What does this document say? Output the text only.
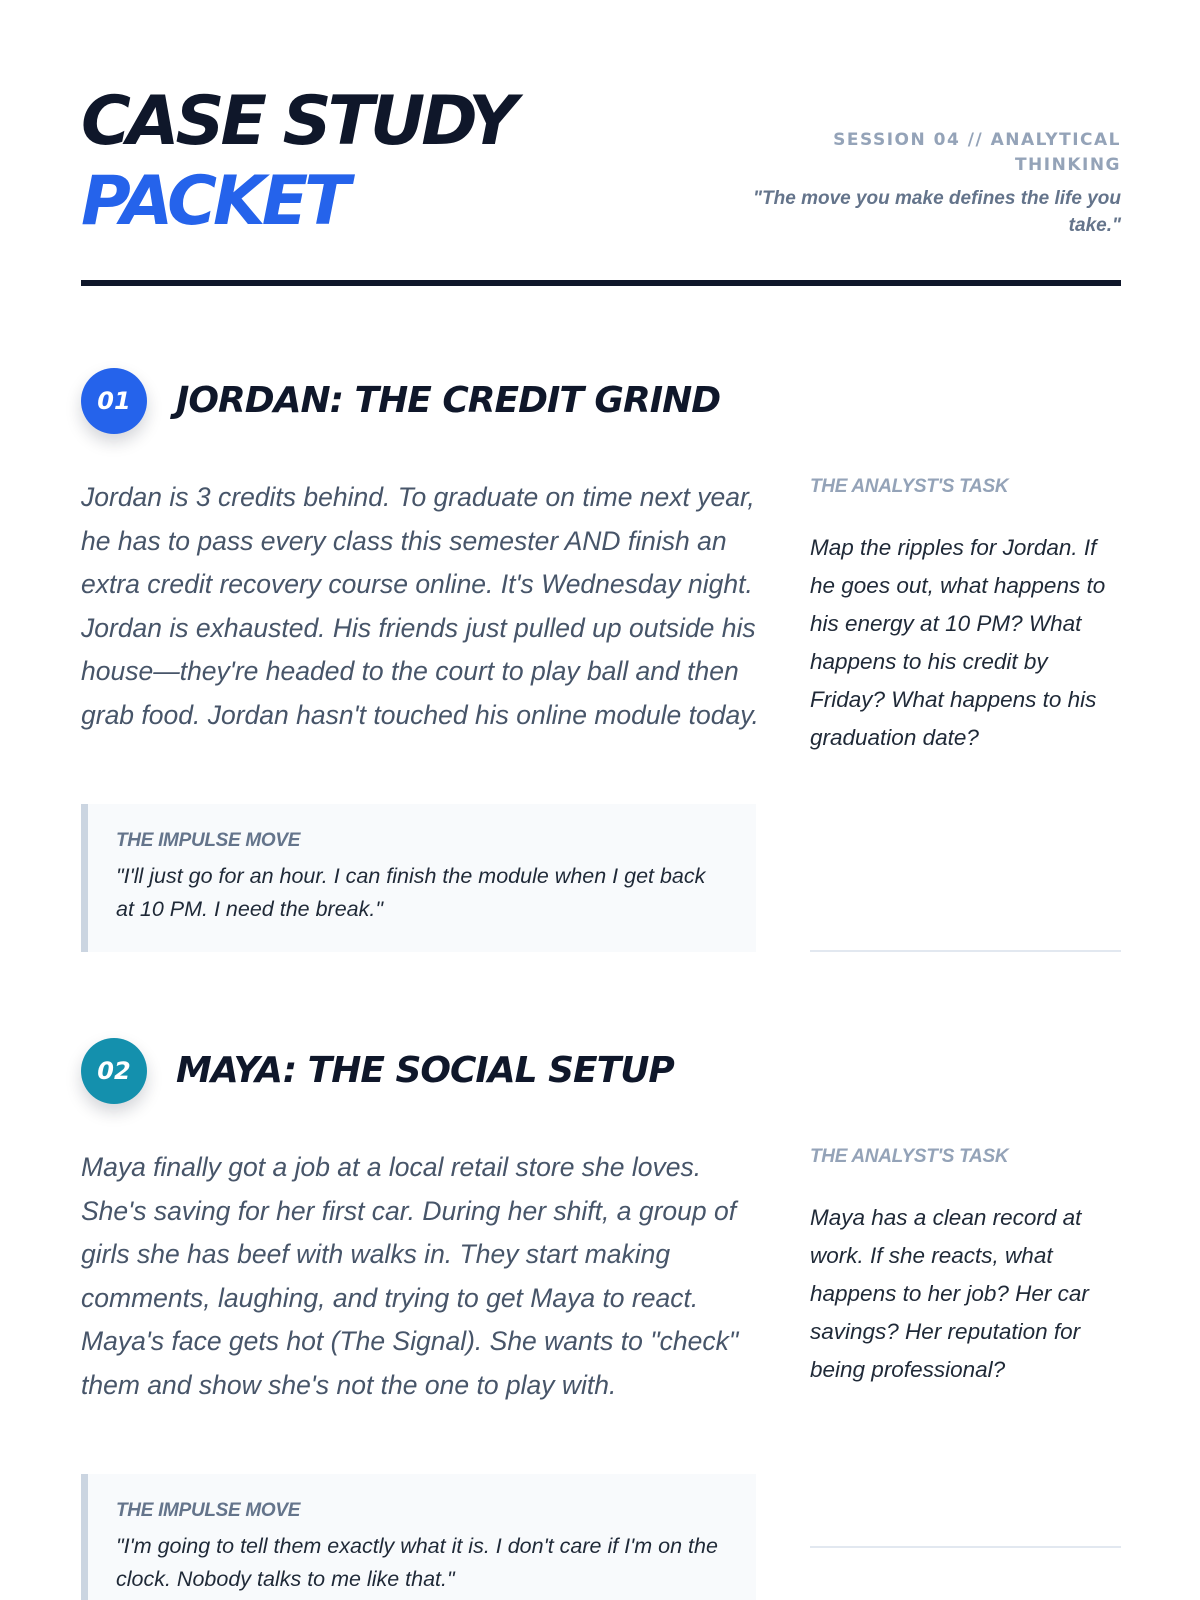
CASE STUDY
PACKET
SESSION 04 // ANALYTICAL THINKING
"The move you make defines the life you take."
01	JORDAN: THE CREDIT GRIND

Jordan is 3 credits behind. To graduate on time next year, he has to pass every class this semester AND finish an extra credit recovery course online. It's Wednesday night. Jordan is exhausted. His friends just pulled up outside his house—they're headed to the court to play ball and then grab food. Jordan hasn't touched his online module today.

THE IMPULSE MOVE
"I'll just go for an hour. I can finish the module when I get back at 10 PM. I need the break."
THE ANALYST'S TASK
Map the ripples for Jordan. If he goes out, what happens to his energy at 10 PM? What happens to his credit by Friday? What happens to his graduation date?
02	MAYA: THE SOCIAL SETUP

Maya finally got a job at a local retail store she loves. She's saving for her first car. During her shift, a group of girls she has beef with walks in. They start making comments, laughing, and trying to get Maya to react. Maya's face gets hot (The Signal). She wants to "check" them and show she's not the one to play with.

THE IMPULSE MOVE
"I'm going to tell them exactly what it is. I don't care if I'm on the clock. Nobody talks to me like that."
THE ANALYST'S TASK
Maya has a clean record at work. If she reacts, what happens to her job? Her car savings? Her reputation for being professional?
